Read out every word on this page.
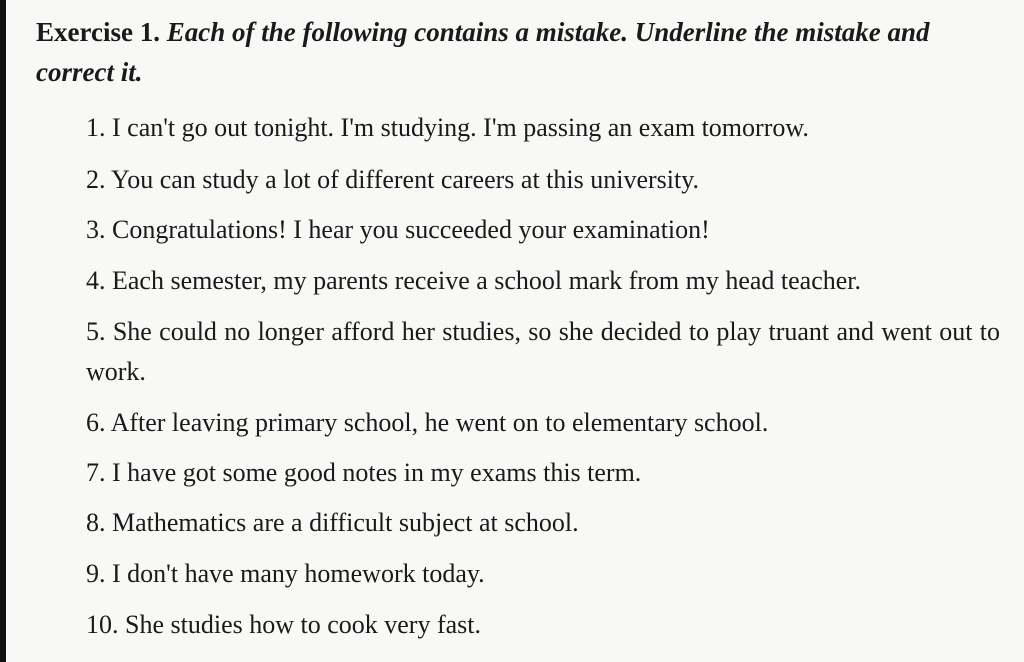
Exercise 1. Each of the following contains a mistake. Underline the mistake and correct it.

1. I can't go out tonight. I'm studying. I'm passing an exam tomorrow.
2. You can study a lot of different careers at this university.
3. Congratulations! I hear you succeeded your examination!
4. Each semester, my parents receive a school mark from my head teacher.
5. She could no longer afford her studies, so she decided to play truant and went out to work.
6. After leaving primary school, he went on to elementary school.
7. I have got some good notes in my exams this term.
8. Mathematics are a difficult subject at school.
9. I don't have many homework today.
10. She studies how to cook very fast.
